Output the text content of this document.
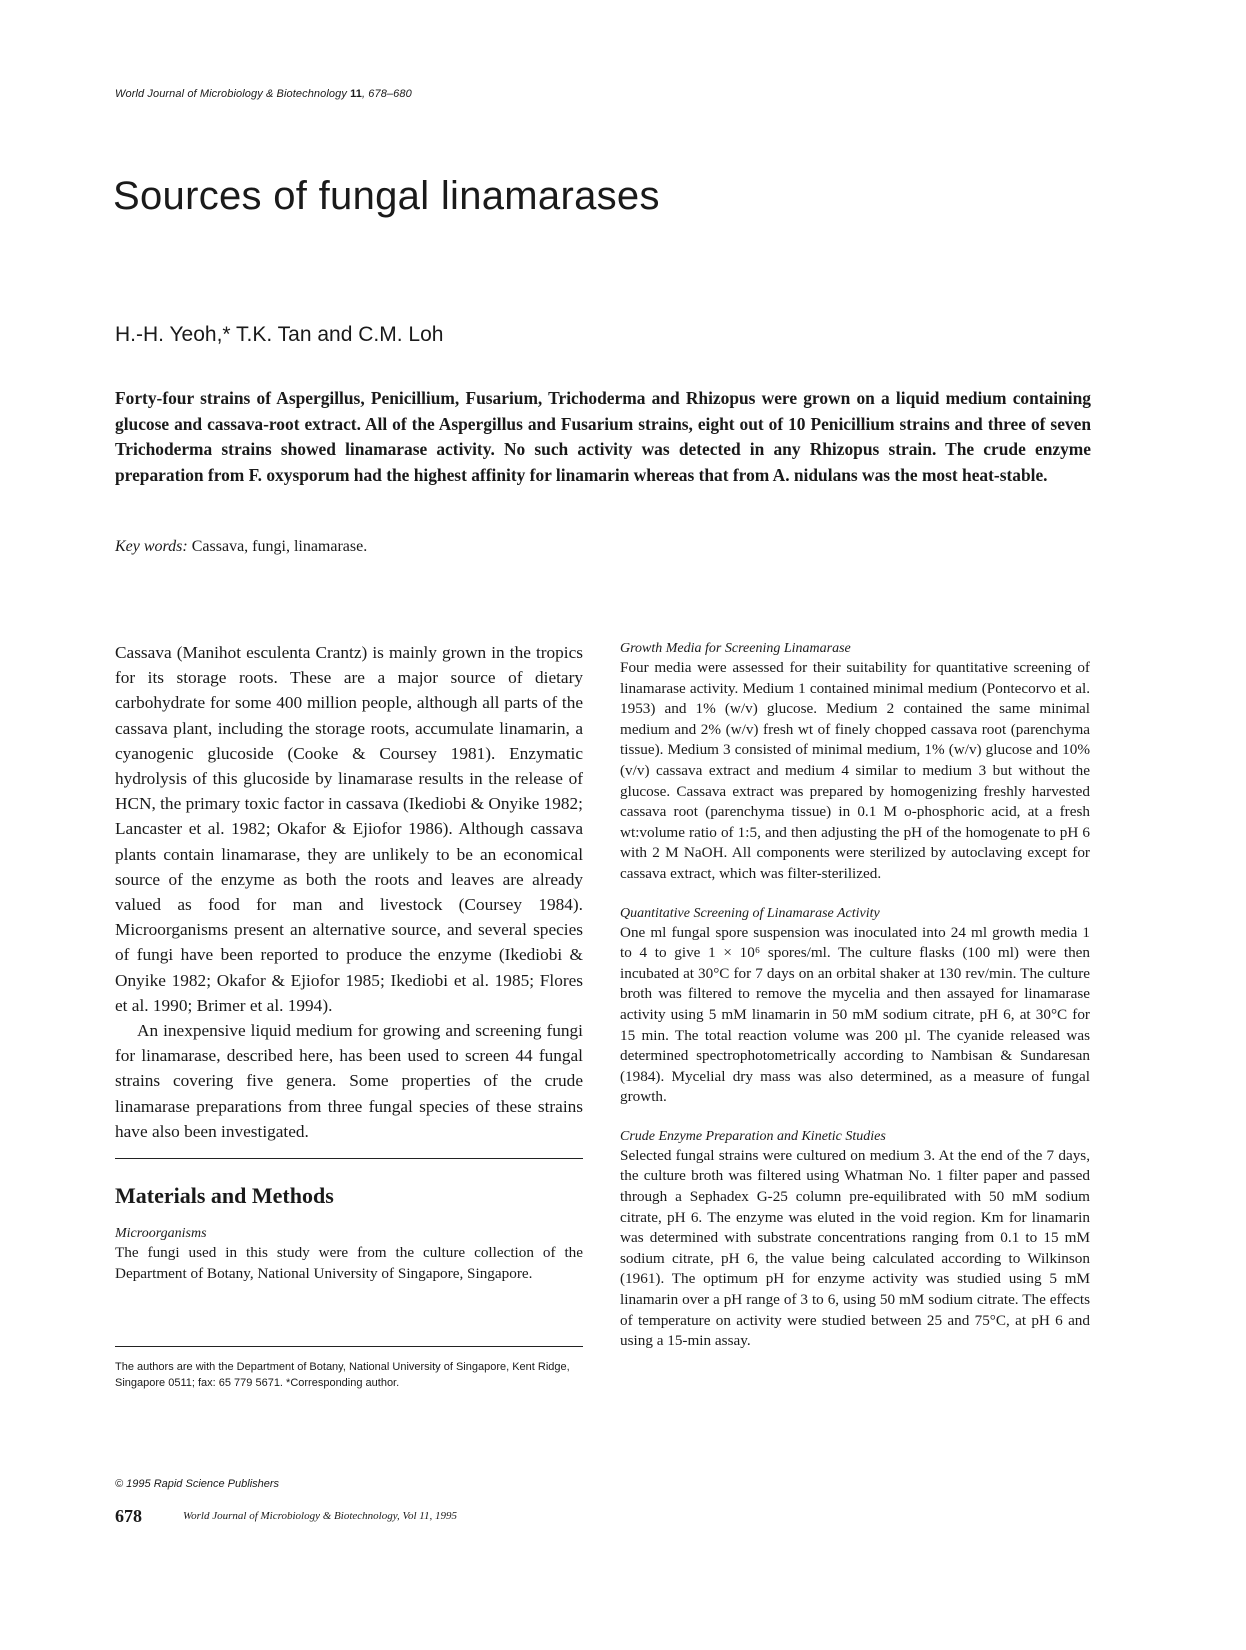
World Journal of Microbiology & Biotechnology 11, 678–680
Sources of fungal linamarases
H.-H. Yeoh,* T.K. Tan and C.M. Loh

Forty-four strains of Aspergillus, Penicillium, Fusarium, Trichoderma and Rhizopus were grown on a liquid medium containing glucose and cassava-root extract. All of the Aspergillus and Fusarium strains, eight out of 10 Penicillium strains and three of seven Trichoderma strains showed linamarase activity. No such activity was detected in any Rhizopus strain. The crude enzyme preparation from F. oxysporum had the highest affinity for linamarin whereas that from A. nidulans was the most heat-stable.

Key words: Cassava, fungi, linamarase.

Cassava (Manihot esculenta Crantz) is mainly grown in the tropics for its storage roots. These are a major source of dietary carbohydrate for some 400 million people, although all parts of the cassava plant, including the storage roots, accumulate linamarin, a cyanogenic glucoside (Cooke & Coursey 1981). Enzymatic hydrolysis of this glucoside by linamarase results in the release of HCN, the primary toxic factor in cassava (Ikediobi & Onyike 1982; Lancaster et al. 1982; Okafor & Ejiofor 1986). Although cassava plants contain linamarase, they are unlikely to be an economical source of the enzyme as both the roots and leaves are already valued as food for man and livestock (Coursey 1984). Microorganisms present an alternative source, and several species of fungi have been reported to produce the enzyme (Ikediobi & Onyike 1982; Okafor & Ejiofor 1985; Ikediobi et al. 1985; Flores et al. 1990; Brimer et al. 1994).

An inexpensive liquid medium for growing and screening fungi for linamarase, described here, has been used to screen 44 fungal strains covering five genera. Some properties of the crude linamarase preparations from three fungal species of these strains have also been investigated.

Materials and Methods
Microorganisms

The fungi used in this study were from the culture collection of the Department of Botany, National University of Singapore, Singapore.

The authors are with the Department of Botany, National University of Singapore, Kent Ridge, Singapore 0511; fax: 65 779 5671. *Corresponding author.
Growth Media for Screening Linamarase

Four media were assessed for their suitability for quantitative screening of linamarase activity. Medium 1 contained minimal medium (Pontecorvo et al. 1953) and 1% (w/v) glucose. Medium 2 contained the same minimal medium and 2% (w/v) fresh wt of finely chopped cassava root (parenchyma tissue). Medium 3 consisted of minimal medium, 1% (w/v) glucose and 10% (v/v) cassava extract and medium 4 similar to medium 3 but without the glucose. Cassava extract was prepared by homogenizing freshly harvested cassava root (parenchyma tissue) in 0.1 M o-phosphoric acid, at a fresh wt:volume ratio of 1:5, and then adjusting the pH of the homogenate to pH 6 with 2 M NaOH. All components were sterilized by autoclaving except for cassava extract, which was filter-sterilized.

Quantitative Screening of Linamarase Activity

One ml fungal spore suspension was inoculated into 24 ml growth media 1 to 4 to give 1 × 10⁶ spores/ml. The culture flasks (100 ml) were then incubated at 30°C for 7 days on an orbital shaker at 130 rev/min. The culture broth was filtered to remove the mycelia and then assayed for linamarase activity using 5 mM linamarin in 50 mM sodium citrate, pH 6, at 30°C for 15 min. The total reaction volume was 200 µl. The cyanide released was determined spectrophotometrically according to Nambisan & Sundaresan (1984). Mycelial dry mass was also determined, as a measure of fungal growth.

Crude Enzyme Preparation and Kinetic Studies

Selected fungal strains were cultured on medium 3. At the end of the 7 days, the culture broth was filtered using Whatman No. 1 filter paper and passed through a Sephadex G-25 column pre-equilibrated with 50 mM sodium citrate, pH 6. The enzyme was eluted in the void region. Km for linamarin was determined with substrate concentrations ranging from 0.1 to 15 mM sodium citrate, pH 6, the value being calculated according to Wilkinson (1961). The optimum pH for enzyme activity was studied using 5 mM linamarin over a pH range of 3 to 6, using 50 mM sodium citrate. The effects of temperature on activity were studied between 25 and 75°C, at pH 6 and using a 15-min assay.

© 1995 Rapid Science Publishers
678	World Journal of Microbiology & Biotechnology, Vol 11, 1995
